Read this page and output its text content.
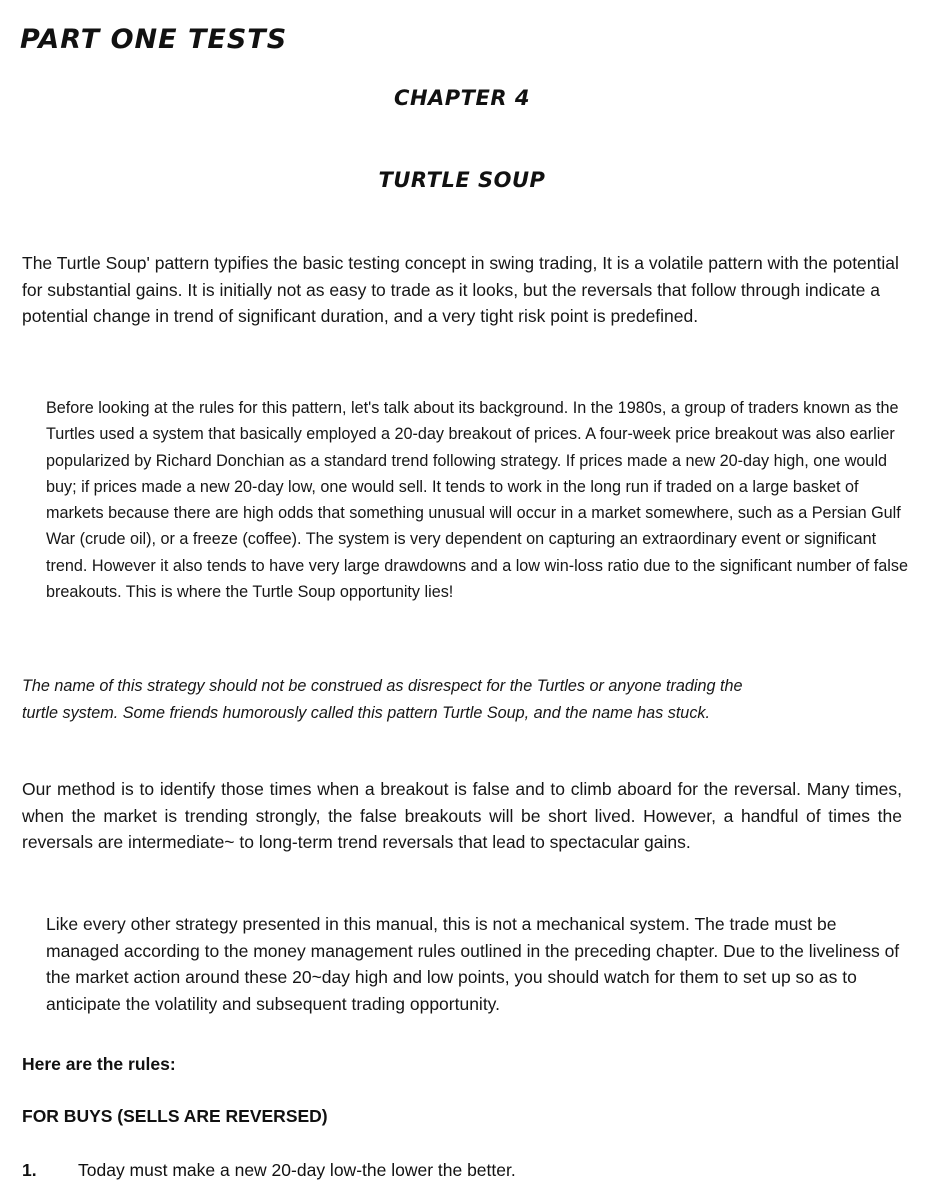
PART ONE TESTS
CHAPTER 4
TURTLE SOUP

The Turtle Soup' pattern typifies the basic testing concept in swing trading, It is a volatile pattern with the potential for substantial gains. It is initially not as easy to trade as it looks, but the reversals that follow through indicate a potential change in trend of significant duration, and a very tight risk point is predefined.

Before looking at the rules for this pattern, let's talk about its background. In the 1980s, a group of traders known as the Turtles used a system that basically employed a 20-day breakout of prices. A four-week price breakout was also earlier popularized by Richard Donchian as a standard trend following strategy. If prices made a new 20-day high, one would buy; if prices made a new 20-day low, one would sell. It tends to work in the long run if traded on a large basket of markets because there are high odds that something unusual will occur in a market somewhere, such as a Persian Gulf War (crude oil), or a freeze (coffee). The system is very dependent on capturing an extraordinary event or significant trend. However it also tends to have very large drawdowns and a low win-loss ratio due to the significant number of false breakouts. This is where the Turtle Soup opportunity lies!

The name of this strategy should not be construed as disrespect for the Turtles or anyone trading the turtle system. Some friends humorously called this pattern Turtle Soup, and the name has stuck.

Our method is to identify those times when a breakout is false and to climb aboard for the reversal. Many times, when the market is trending strongly, the false breakouts will be short lived. However, a handful of times the reversals are intermediate~ to long-term trend reversals that lead to spectacular gains.

Like every other strategy presented in this manual, this is not a mechanical system. The trade must be managed according to the money management rules outlined in the preceding chapter. Due to the liveliness of the market action around these 20~day high and low points, you should watch for them to set up so as to anticipate the volatility and subsequent trading opportunity.

Here are the rules:

FOR BUYS (SELLS ARE REVERSED)

1.	Today must make a new 20-day low-the lower the better.
